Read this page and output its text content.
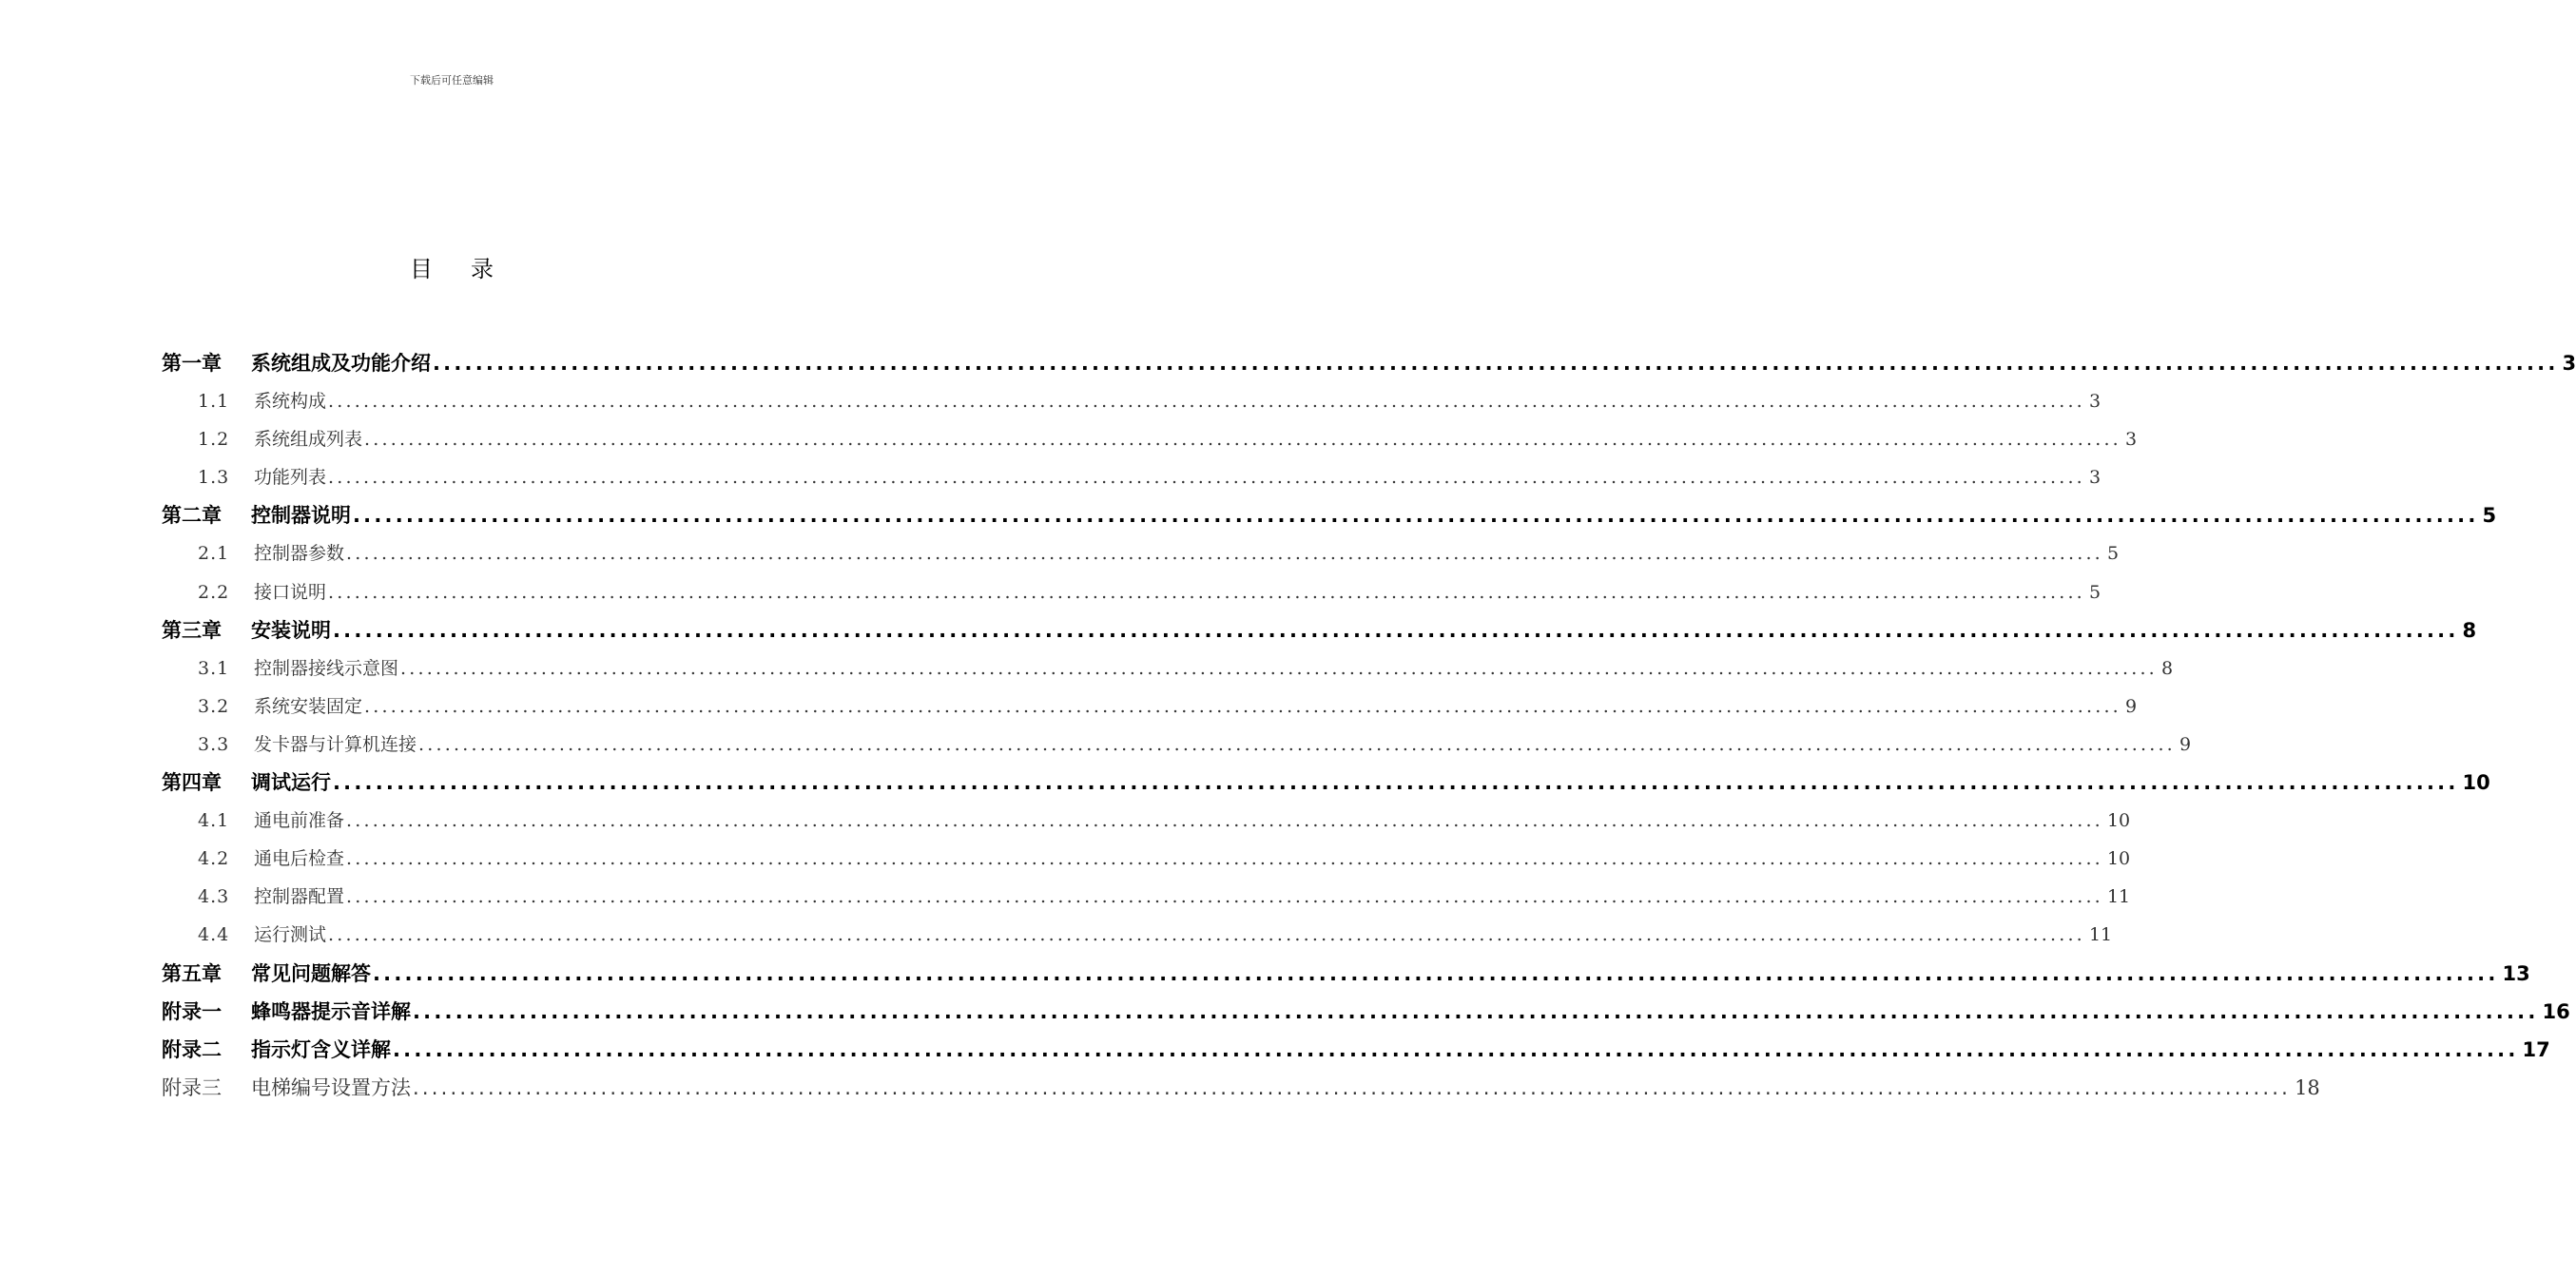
下载后可任意编辑
目录
第一章	系统组成及功能介绍 ........................................................................................................................................................................................................ 3
1.1	系统构成 ........................................................................................................................................................................................................ 3
1.2	系统组成列表 ........................................................................................................................................................................................................ 3
1.3	功能列表 ........................................................................................................................................................................................................ 3
第二章	控制器说明 ........................................................................................................................................................................................................ 5
2.1	控制器参数 ........................................................................................................................................................................................................ 5
2.2	接口说明 ........................................................................................................................................................................................................ 5
第三章	安装说明 ........................................................................................................................................................................................................ 8
3.1	控制器接线示意图 ........................................................................................................................................................................................................ 8
3.2	系统安装固定 ........................................................................................................................................................................................................ 9
3.3	发卡器与计算机连接 ........................................................................................................................................................................................................ 9
第四章	调试运行 ........................................................................................................................................................................................................ 10
4.1	通电前准备 ........................................................................................................................................................................................................ 10
4.2	通电后检查 ........................................................................................................................................................................................................ 10
4.3	控制器配置 ........................................................................................................................................................................................................ 11
4.4	运行测试 ........................................................................................................................................................................................................ 11
第五章	常见问题解答 ........................................................................................................................................................................................................ 13
附录一	蜂鸣器提示音详解 ........................................................................................................................................................................................................ 16
附录二	指示灯含义详解 ........................................................................................................................................................................................................ 17
附录三	电梯编号设置方法 ........................................................................................................................................................................................................ 18
